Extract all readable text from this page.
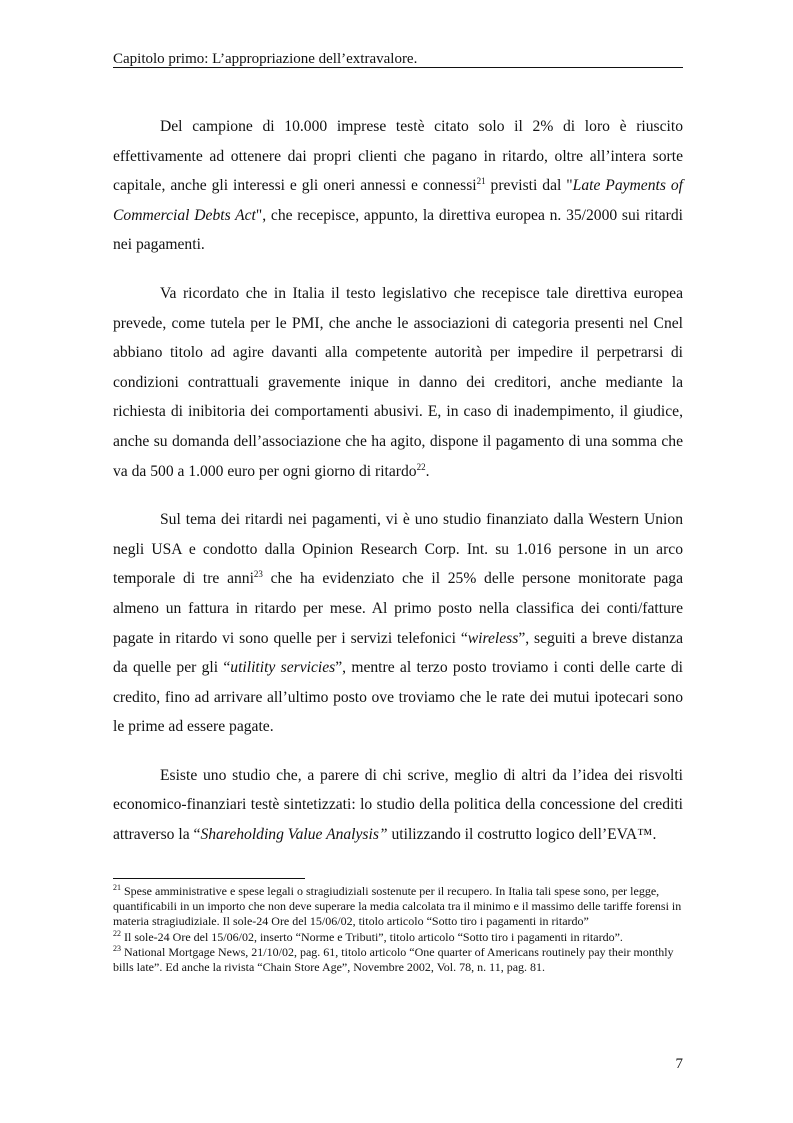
Capitolo primo: L’appropriazione dell’extravalore.

Del campione di 10.000 imprese testè citato solo il 2% di loro è riuscito effettivamente ad ottenere dai propri clienti che pagano in ritardo, oltre all’intera sorte capitale, anche gli interessi e gli oneri annessi e connessi$^{21}$ previsti dal "Late Payments of Commercial Debts Act", che recepisce, appunto, la direttiva europea n. 35/2000 sui ritardi nei pagamenti.

Va ricordato che in Italia il testo legislativo che recepisce tale direttiva europea prevede, come tutela per le PMI, che anche le associazioni di categoria presenti nel Cnel abbiano titolo ad agire davanti alla competente autorità per impedire il perpetrarsi di condizioni contrattuali gravemente inique in danno dei creditori, anche mediante la richiesta di inibitoria dei comportamenti abusivi. E, in caso di inadempimento, il giudice, anche su domanda dell’associazione che ha agito, dispone il pagamento di una somma che va da 500 a 1.000 euro per ogni giorno di ritardo$^{22}$.

Sul tema dei ritardi nei pagamenti, vi è uno studio finanziato dalla Western Union negli USA e condotto dalla Opinion Research Corp. Int. su 1.016 persone in un arco temporale di tre anni$^{23}$ che ha evidenziato che il 25% delle persone monitorate paga almeno un fattura in ritardo per mese. Al primo posto nella classifica dei conti/fatture pagate in ritardo vi sono quelle per i servizi telefonici “wireless”, seguiti a breve distanza da quelle per gli “utilitity servicies”, mentre al terzo posto troviamo i conti delle carte di credito, fino ad arrivare all’ultimo posto ove troviamo che le rate dei mutui ipotecari sono le prime ad essere pagate.

Esiste uno studio che, a parere di chi scrive, meglio di altri da l’idea dei risvolti economico-finanziari testè sintetizzati: lo studio della politica della concessione del crediti attraverso la “Shareholding Value Analysis” utilizzando il costrutto logico dell’EVA™.

$^{21}$ Spese amministrative e spese legali o stragiudiziali sostenute per il recupero. In Italia tali spese sono, per legge, quantificabili in un importo che non deve superare la media calcolata tra il minimo e il massimo delle tariffe forensi in materia stragiudiziale. Il sole-24 Ore del 15/06/02, titolo articolo “Sotto tiro i pagamenti in ritardo”

$^{22}$ Il sole-24 Ore del 15/06/02, inserto “Norme e Tributi”, titolo articolo “Sotto tiro i pagamenti in ritardo”.

$^{23}$ National Mortgage News, 21/10/02, pag. 61, titolo articolo “One quarter of Americans routinely pay their monthly bills late”. Ed anche la rivista “Chain Store Age”, Novembre 2002, Vol. 78, n. 11, pag. 81.

7
